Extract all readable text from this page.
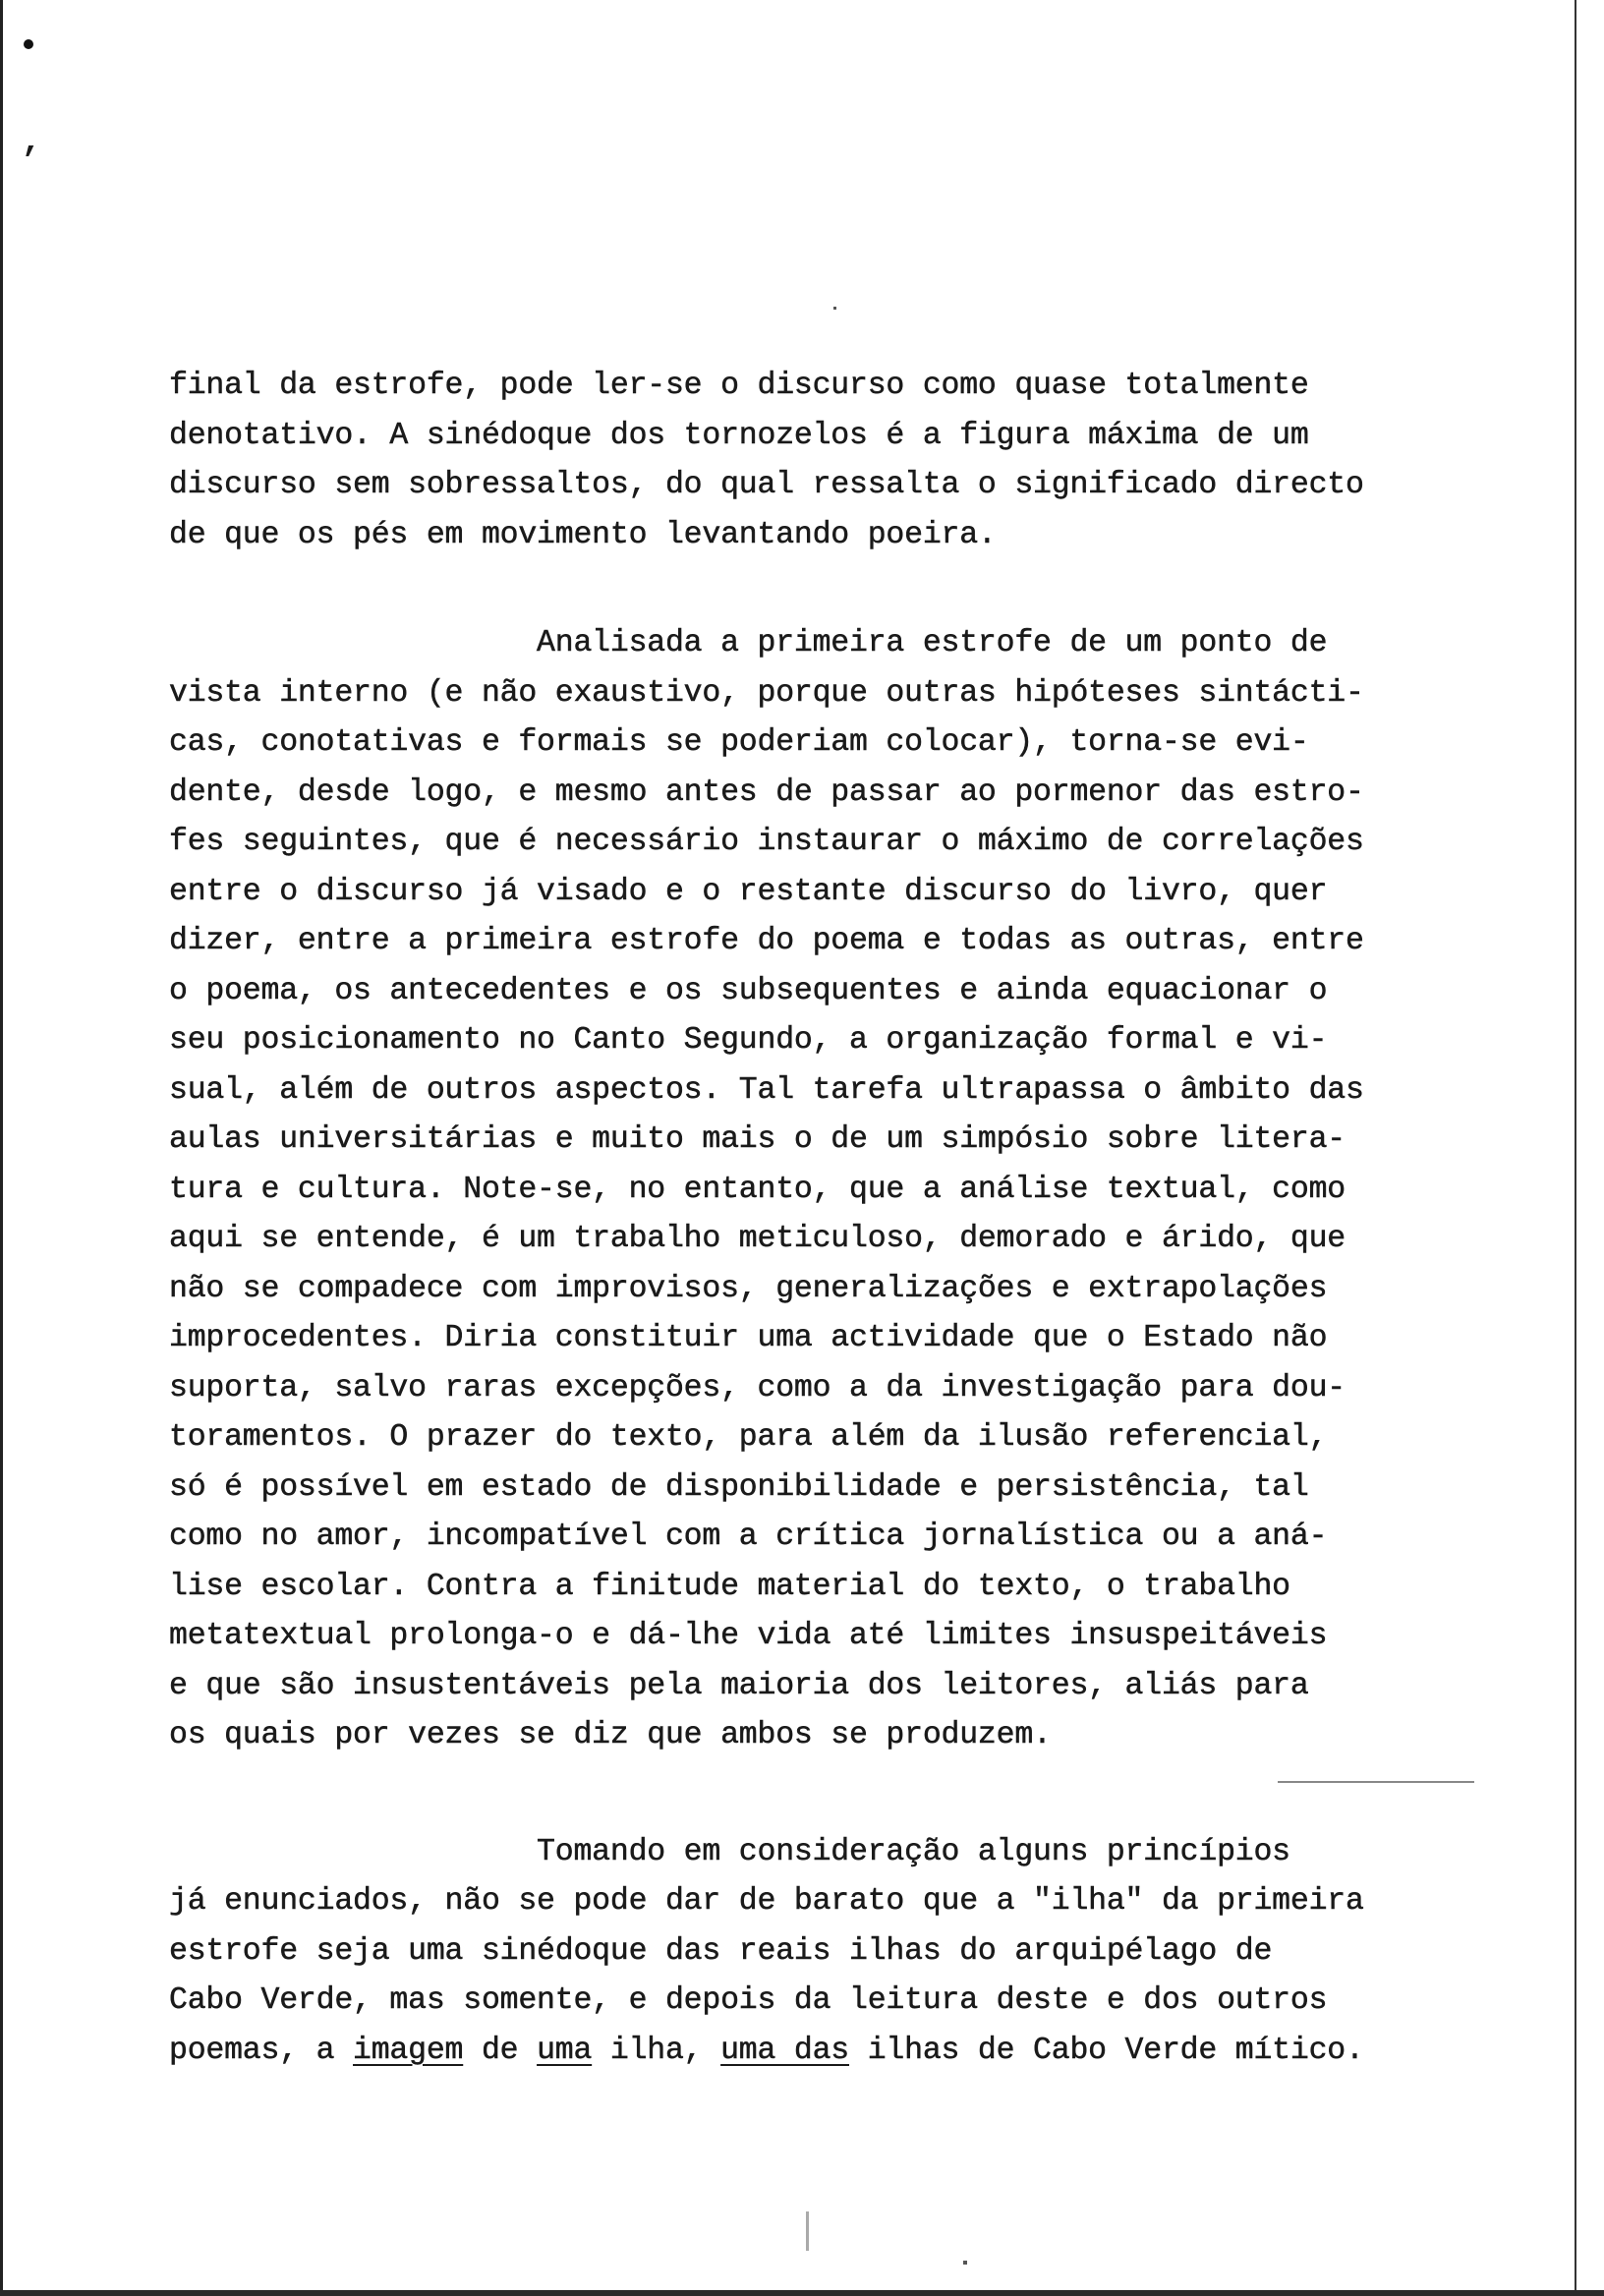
,
final da estrofe, pode ler-se o discurso como quase totalmente
denotativo. A sinédoque dos tornozelos é a figura máxima de um
discurso sem sobressaltos, do qual ressalta o significado directo
de que os pés em movimento levantando poeira.
Analisada a primeira estrofe de um ponto de
vista interno (e não exaustivo, porque outras hipóteses sintácti-
cas, conotativas e formais se poderiam colocar), torna-se evi-
dente, desde logo, e mesmo antes de passar ao pormenor das estro-
fes seguintes, que é necessário instaurar o máximo de correlações
entre o discurso já visado e o restante discurso do livro, quer
dizer, entre a primeira estrofe do poema e todas as outras, entre
o poema, os antecedentes e os subsequentes e ainda equacionar o
seu posicionamento no Canto Segundo, a organização formal e vi-
sual, além de outros aspectos. Tal tarefa ultrapassa o âmbito das
aulas universitárias e muito mais o de um simpósio sobre litera-
tura e cultura. Note-se, no entanto, que a análise textual, como
aqui se entende, é um trabalho meticuloso, demorado e árido, que
não se compadece com improvisos, generalizações e extrapolações
improcedentes. Diria constituir uma actividade que o Estado não
suporta, salvo raras excepções, como a da investigação para dou-
toramentos. O prazer do texto, para além da ilusão referencial,
só é possível em estado de disponibilidade e persistência, tal
como no amor, incompatível com a crítica jornalística ou a aná-
lise escolar. Contra a finitude material do texto, o trabalho
metatextual prolonga-o e dá-lhe vida até limites insuspeitáveis
e que são insustentáveis pela maioria dos leitores, aliás para
os quais por vezes se diz que ambos se produzem.
Tomando em consideração alguns princípios
já enunciados, não se pode dar de barato que a "ilha" da primeira
estrofe seja uma sinédoque das reais ilhas do arquipélago de
Cabo Verde, mas somente, e depois da leitura deste e dos outros
poemas, a imagem de uma ilha, uma das ilhas de Cabo Verde mítico.
